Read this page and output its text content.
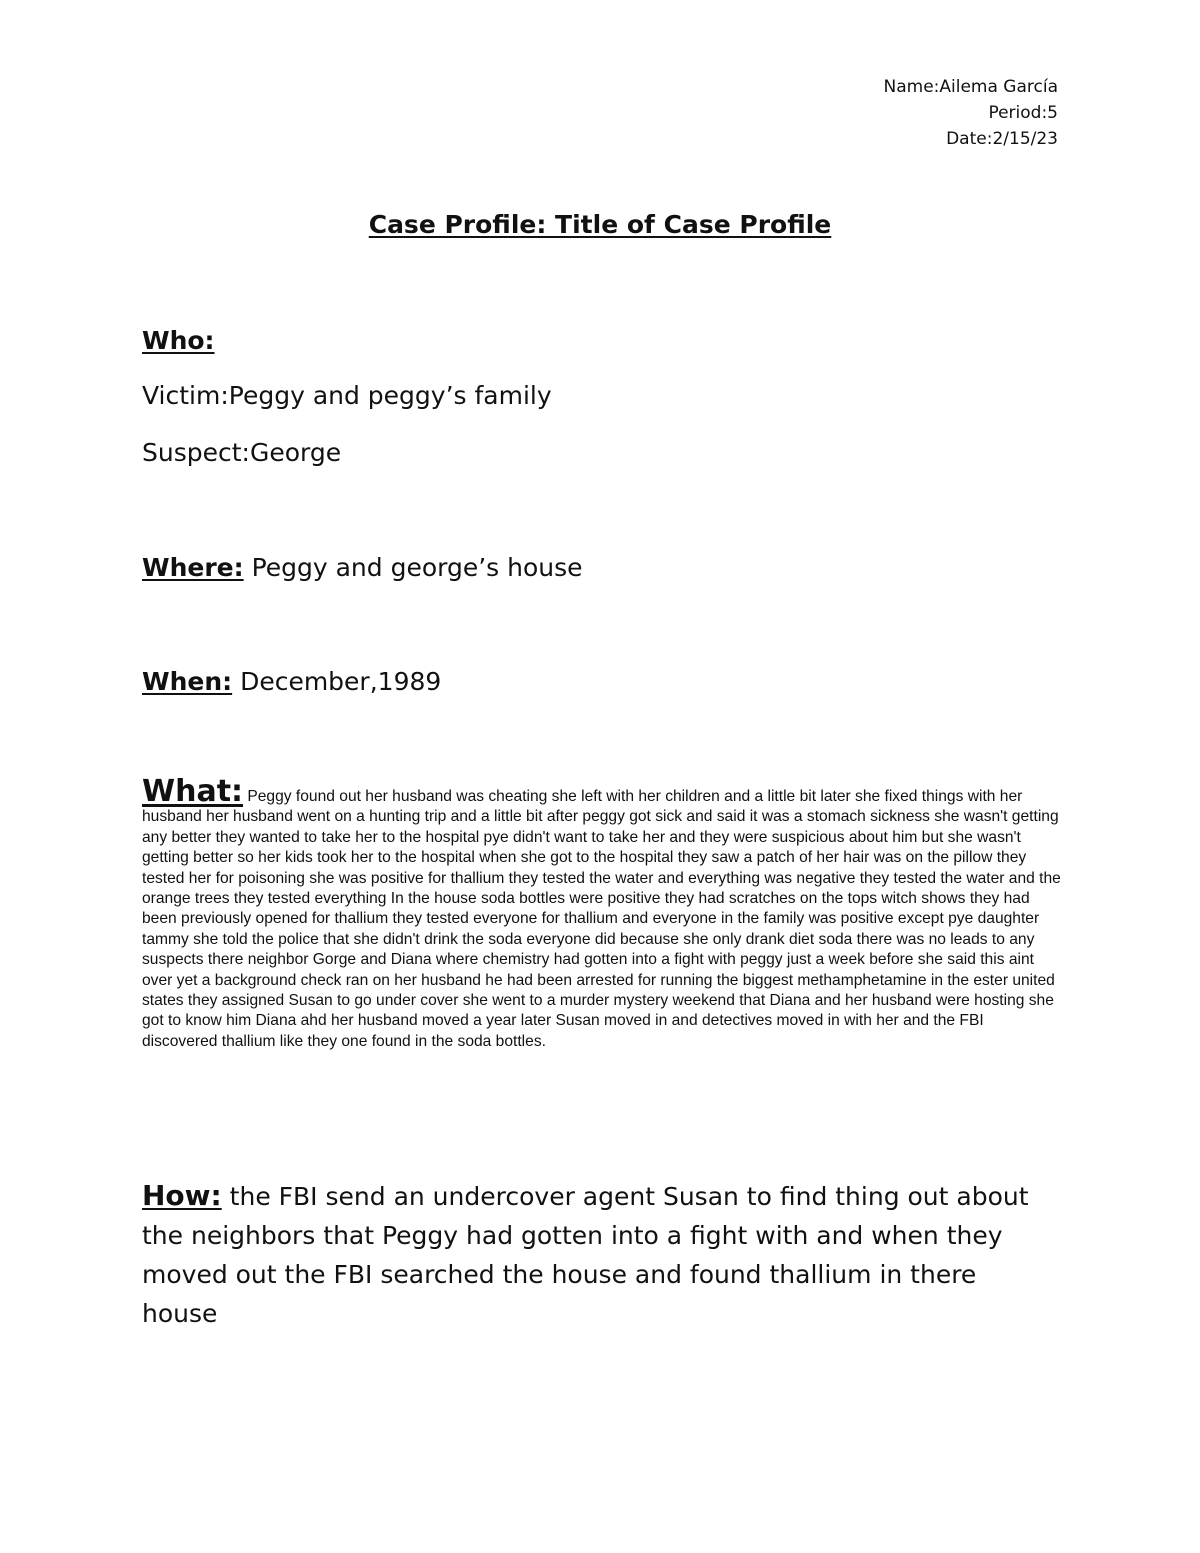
Name:Ailema García
Period:5
Date:2/15/23
Case Profile: Title of Case Profile
Who:
Victim:Peggy and peggy’s family
Suspect:George
Where: Peggy and george’s house
When: December,1989
What: Peggy found out her husband was cheating she left with her children and a little bit later she fixed things with her husband her husband went on a hunting trip and a little bit after peggy got sick and said it was a stomach sickness she wasn't getting any better they wanted to take her to the hospital pye didn't want to take her and they were suspicious about him but she wasn't getting better so her kids took her to the hospital when she got to the hospital they saw a patch of her hair was on the pillow they tested her for poisoning she was positive for thallium they tested the water and everything was negative they tested the water and the orange trees they tested everything In the house soda bottles were positive they had scratches on the tops witch shows they had been previously opened for thallium they tested everyone for thallium and everyone in the family was positive except pye daughter tammy she told the police that she didn't drink the soda everyone did because she only drank diet soda there was no leads to any suspects there neighbor Gorge and Diana where chemistry had gotten into a fight with peggy just a week before she said this aint over yet a background check ran on her husband he had been arrested for running the biggest methamphetamine in the ester united states they assigned Susan to go under cover she went to a murder mystery weekend that Diana and her husband were hosting she got to know him Diana ahd her husband moved a year later Susan moved in and detectives moved in with her and the FBI discovered thallium like they one found in the soda bottles.
How: the FBI send an undercover agent Susan to find thing out about the neighbors that Peggy had gotten into a fight with and when they moved out the FBI searched the house and found thallium in there house
